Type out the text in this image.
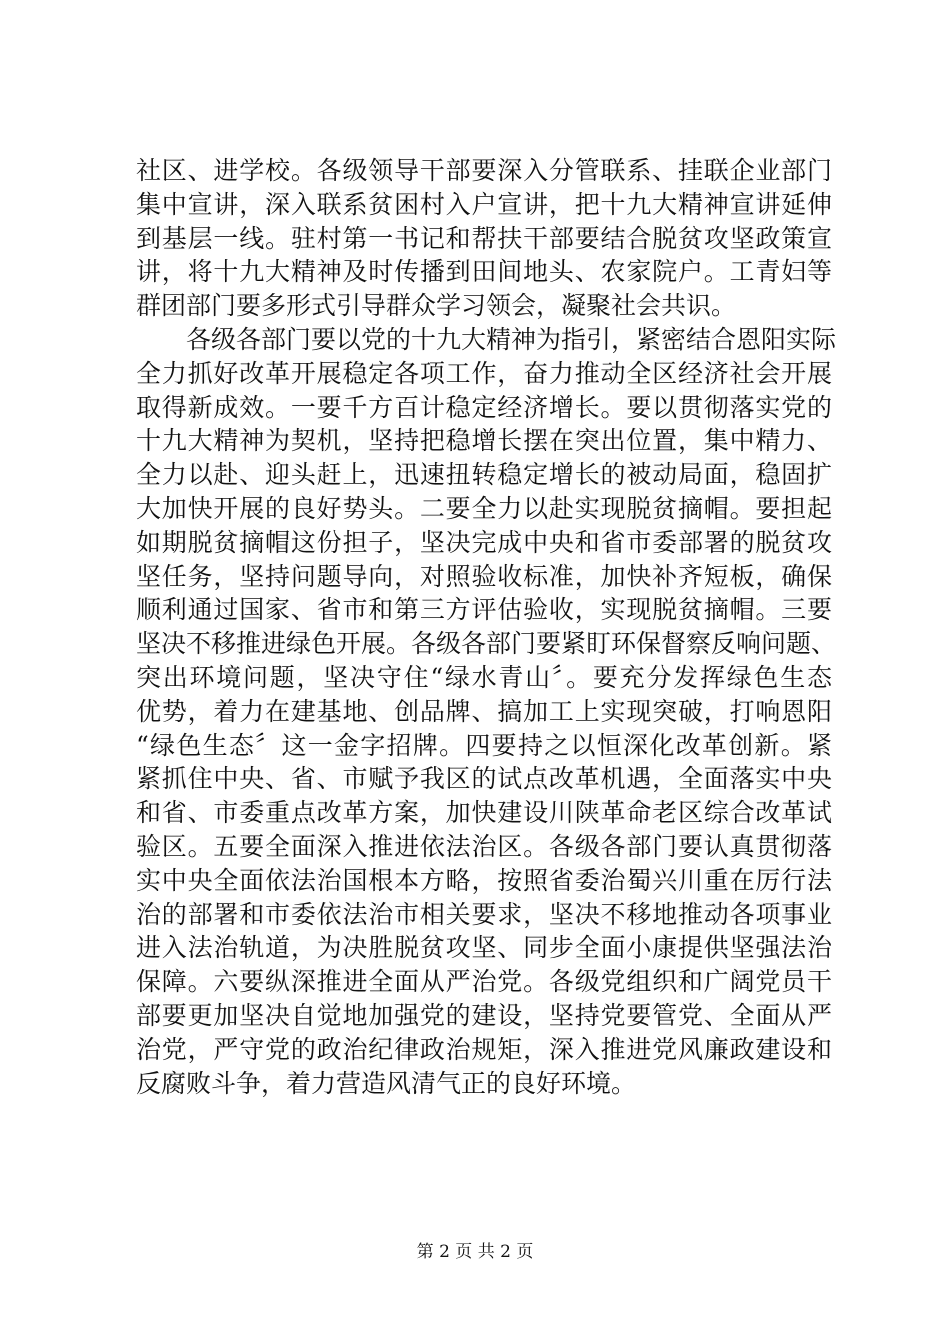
社区、进学校。各级领导干部要深入分管联系、挂联企业部门
集中宣讲，深入联系贫困村入户宣讲，把十九大精神宣讲延伸
到基层一线。驻村第一书记和帮扶干部要结合脱贫攻坚政策宣
讲，将十九大精神及时传播到田间地头、农家院户。工青妇等
群团部门要多形式引导群众学习领会，凝聚社会共识。
　　各级各部门要以党的十九大精神为指引，紧密结合恩阳实际
全力抓好改革开展稳定各项工作，奋力推动全区经济社会开展
取得新成效。一要千方百计稳定经济增长。要以贯彻落实党的
十九大精神为契机，坚持把稳增长摆在突出位置，集中精力、
全力以赴、迎头赶上，迅速扭转稳定增长的被动局面，稳固扩
大加快开展的良好势头。二要全力以赴实现脱贫摘帽。要担起
如期脱贫摘帽这份担子，坚决完成中央和省市委部署的脱贫攻
坚任务，坚持问题导向，对照验收标准，加快补齐短板，确保
顺利通过国家、省市和第三方评估验收，实现脱贫摘帽。三要
坚决不移推进绿色开展。各级各部门要紧盯环保督察反响问题、
突出环境问题，坚决守住“绿水青山〞。要充分发挥绿色生态
优势，着力在建基地、创品牌、搞加工上实现突破，打响恩阳
“绿色生态〞这一金字招牌。四要持之以恒深化改革创新。紧
紧抓住中央、省、市赋予我区的试点改革机遇，全面落实中央
和省、市委重点改革方案，加快建设川陕革命老区综合改革试
验区。五要全面深入推进依法治区。各级各部门要认真贯彻落
实中央全面依法治国根本方略，按照省委治蜀兴川重在厉行法
治的部署和市委依法治市相关要求，坚决不移地推动各项事业
进入法治轨道，为决胜脱贫攻坚、同步全面小康提供坚强法治
保障。六要纵深推进全面从严治党。各级党组织和广阔党员干
部要更加坚决自觉地加强党的建设，坚持党要管党、全面从严
治党，严守党的政治纪律政治规矩，深入推进党风廉政建设和
反腐败斗争，着力营造风清气正的良好环境。
第 2 页 共 2 页
